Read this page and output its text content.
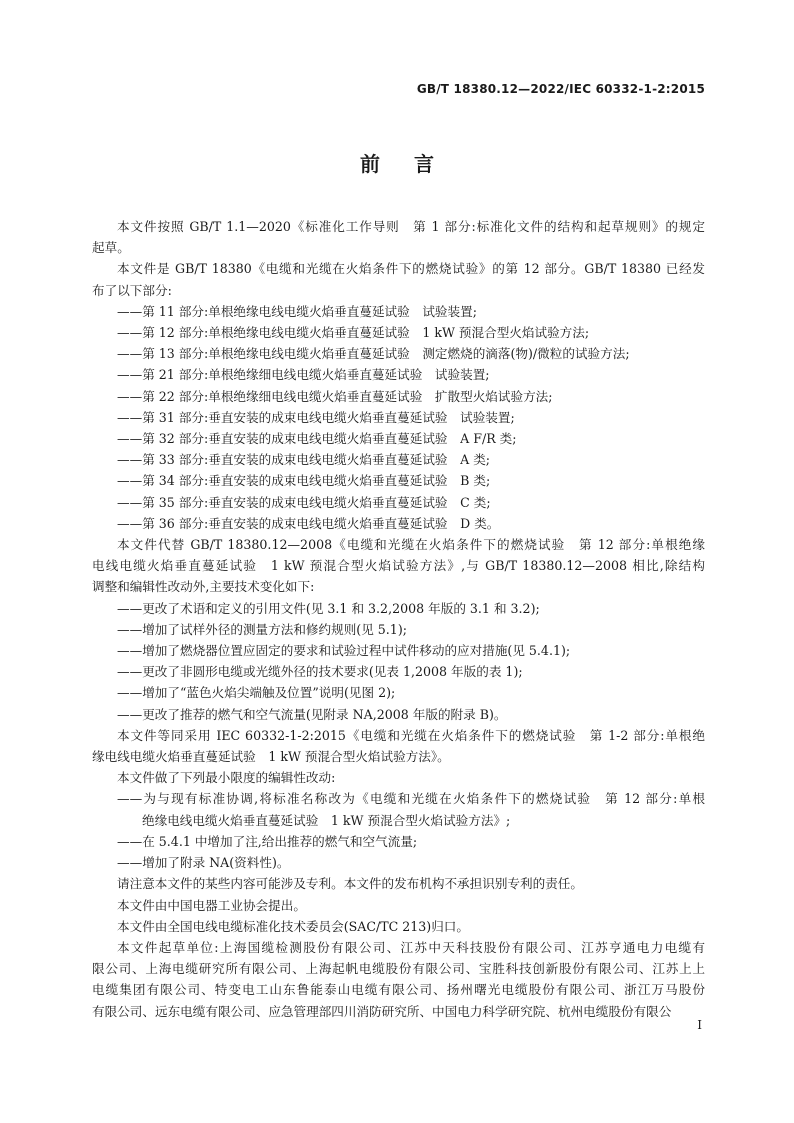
GB/T 18380.12—2022/IEC 60332-1-2:2015
前言

本文件按照 GB/T 1.1—2020《标准化工作导则　第 1 部分:标准化文件的结构和起草规则》的规定

起草。

本文件是 GB/T 18380《电缆和光缆在火焰条件下的燃烧试验》的第 12 部分。GB/T 18380 已经发

布了以下部分:

——第 11 部分:单根绝缘电线电缆火焰垂直蔓延试验　试验装置;

——第 12 部分:单根绝缘电线电缆火焰垂直蔓延试验　1 kW 预混合型火焰试验方法;

——第 13 部分:单根绝缘电线电缆火焰垂直蔓延试验　测定燃烧的滴落(物)/微粒的试验方法;

——第 21 部分:单根绝缘细电线电缆火焰垂直蔓延试验　试验装置;

——第 22 部分:单根绝缘细电线电缆火焰垂直蔓延试验　扩散型火焰试验方法;

——第 31 部分:垂直安装的成束电线电缆火焰垂直蔓延试验　试验装置;

——第 32 部分:垂直安装的成束电线电缆火焰垂直蔓延试验　A F/R 类;

——第 33 部分:垂直安装的成束电线电缆火焰垂直蔓延试验　A 类;

——第 34 部分:垂直安装的成束电线电缆火焰垂直蔓延试验　B 类;

——第 35 部分:垂直安装的成束电线电缆火焰垂直蔓延试验　C 类;

——第 36 部分:垂直安装的成束电线电缆火焰垂直蔓延试验　D 类。

本文件代替 GB/T 18380.12—2008《电缆和光缆在火焰条件下的燃烧试验　第 12 部分:单根绝缘

电线电缆火焰垂直蔓延试验　1 kW 预混合型火焰试验方法》,与 GB/T 18380.12—2008 相比,除结构

调整和编辑性改动外,主要技术变化如下:

——更改了术语和定义的引用文件(见 3.1 和 3.2,2008 年版的 3.1 和 3.2);

——增加了试样外径的测量方法和修约规则(见 5.1);

——增加了燃烧器位置应固定的要求和试验过程中试件移动的应对措施(见 5.4.1);

——更改了非圆形电缆或光缆外径的技术要求(见表 1,2008 年版的表 1);

——增加了“蓝色火焰尖端触及位置”说明(见图 2);

——更改了推荐的燃气和空气流量(见附录 NA,2008 年版的附录 B)。

本文件等同采用 IEC 60332-1-2:2015《电缆和光缆在火焰条件下的燃烧试验　第 1-2 部分:单根绝

缘电线电缆火焰垂直蔓延试验　1 kW 预混合型火焰试验方法》。

本文件做了下列最小限度的编辑性改动:

——为与现有标准协调,将标准名称改为《电缆和光缆在火焰条件下的燃烧试验　第 12 部分:单根

绝缘电线电缆火焰垂直蔓延试验　1 kW 预混合型火焰试验方法》;

——在 5.4.1 中增加了注,给出推荐的燃气和空气流量;

——增加了附录 NA(资料性)。

请注意本文件的某些内容可能涉及专利。本文件的发布机构不承担识别专利的责任。

本文件由中国电器工业协会提出。

本文件由全国电线电缆标准化技术委员会(SAC/TC 213)归口。

本文件起草单位:上海国缆检测股份有限公司、江苏中天科技股份有限公司、江苏亨通电力电缆有

限公司、上海电缆研究所有限公司、上海起帆电缆股份有限公司、宝胜科技创新股份有限公司、江苏上上

电缆集团有限公司、特变电工山东鲁能泰山电缆有限公司、扬州曙光电缆股份有限公司、浙江万马股份

有限公司、远东电缆有限公司、应急管理部四川消防研究所、中国电力科学研究院、杭州电缆股份有限公

I
